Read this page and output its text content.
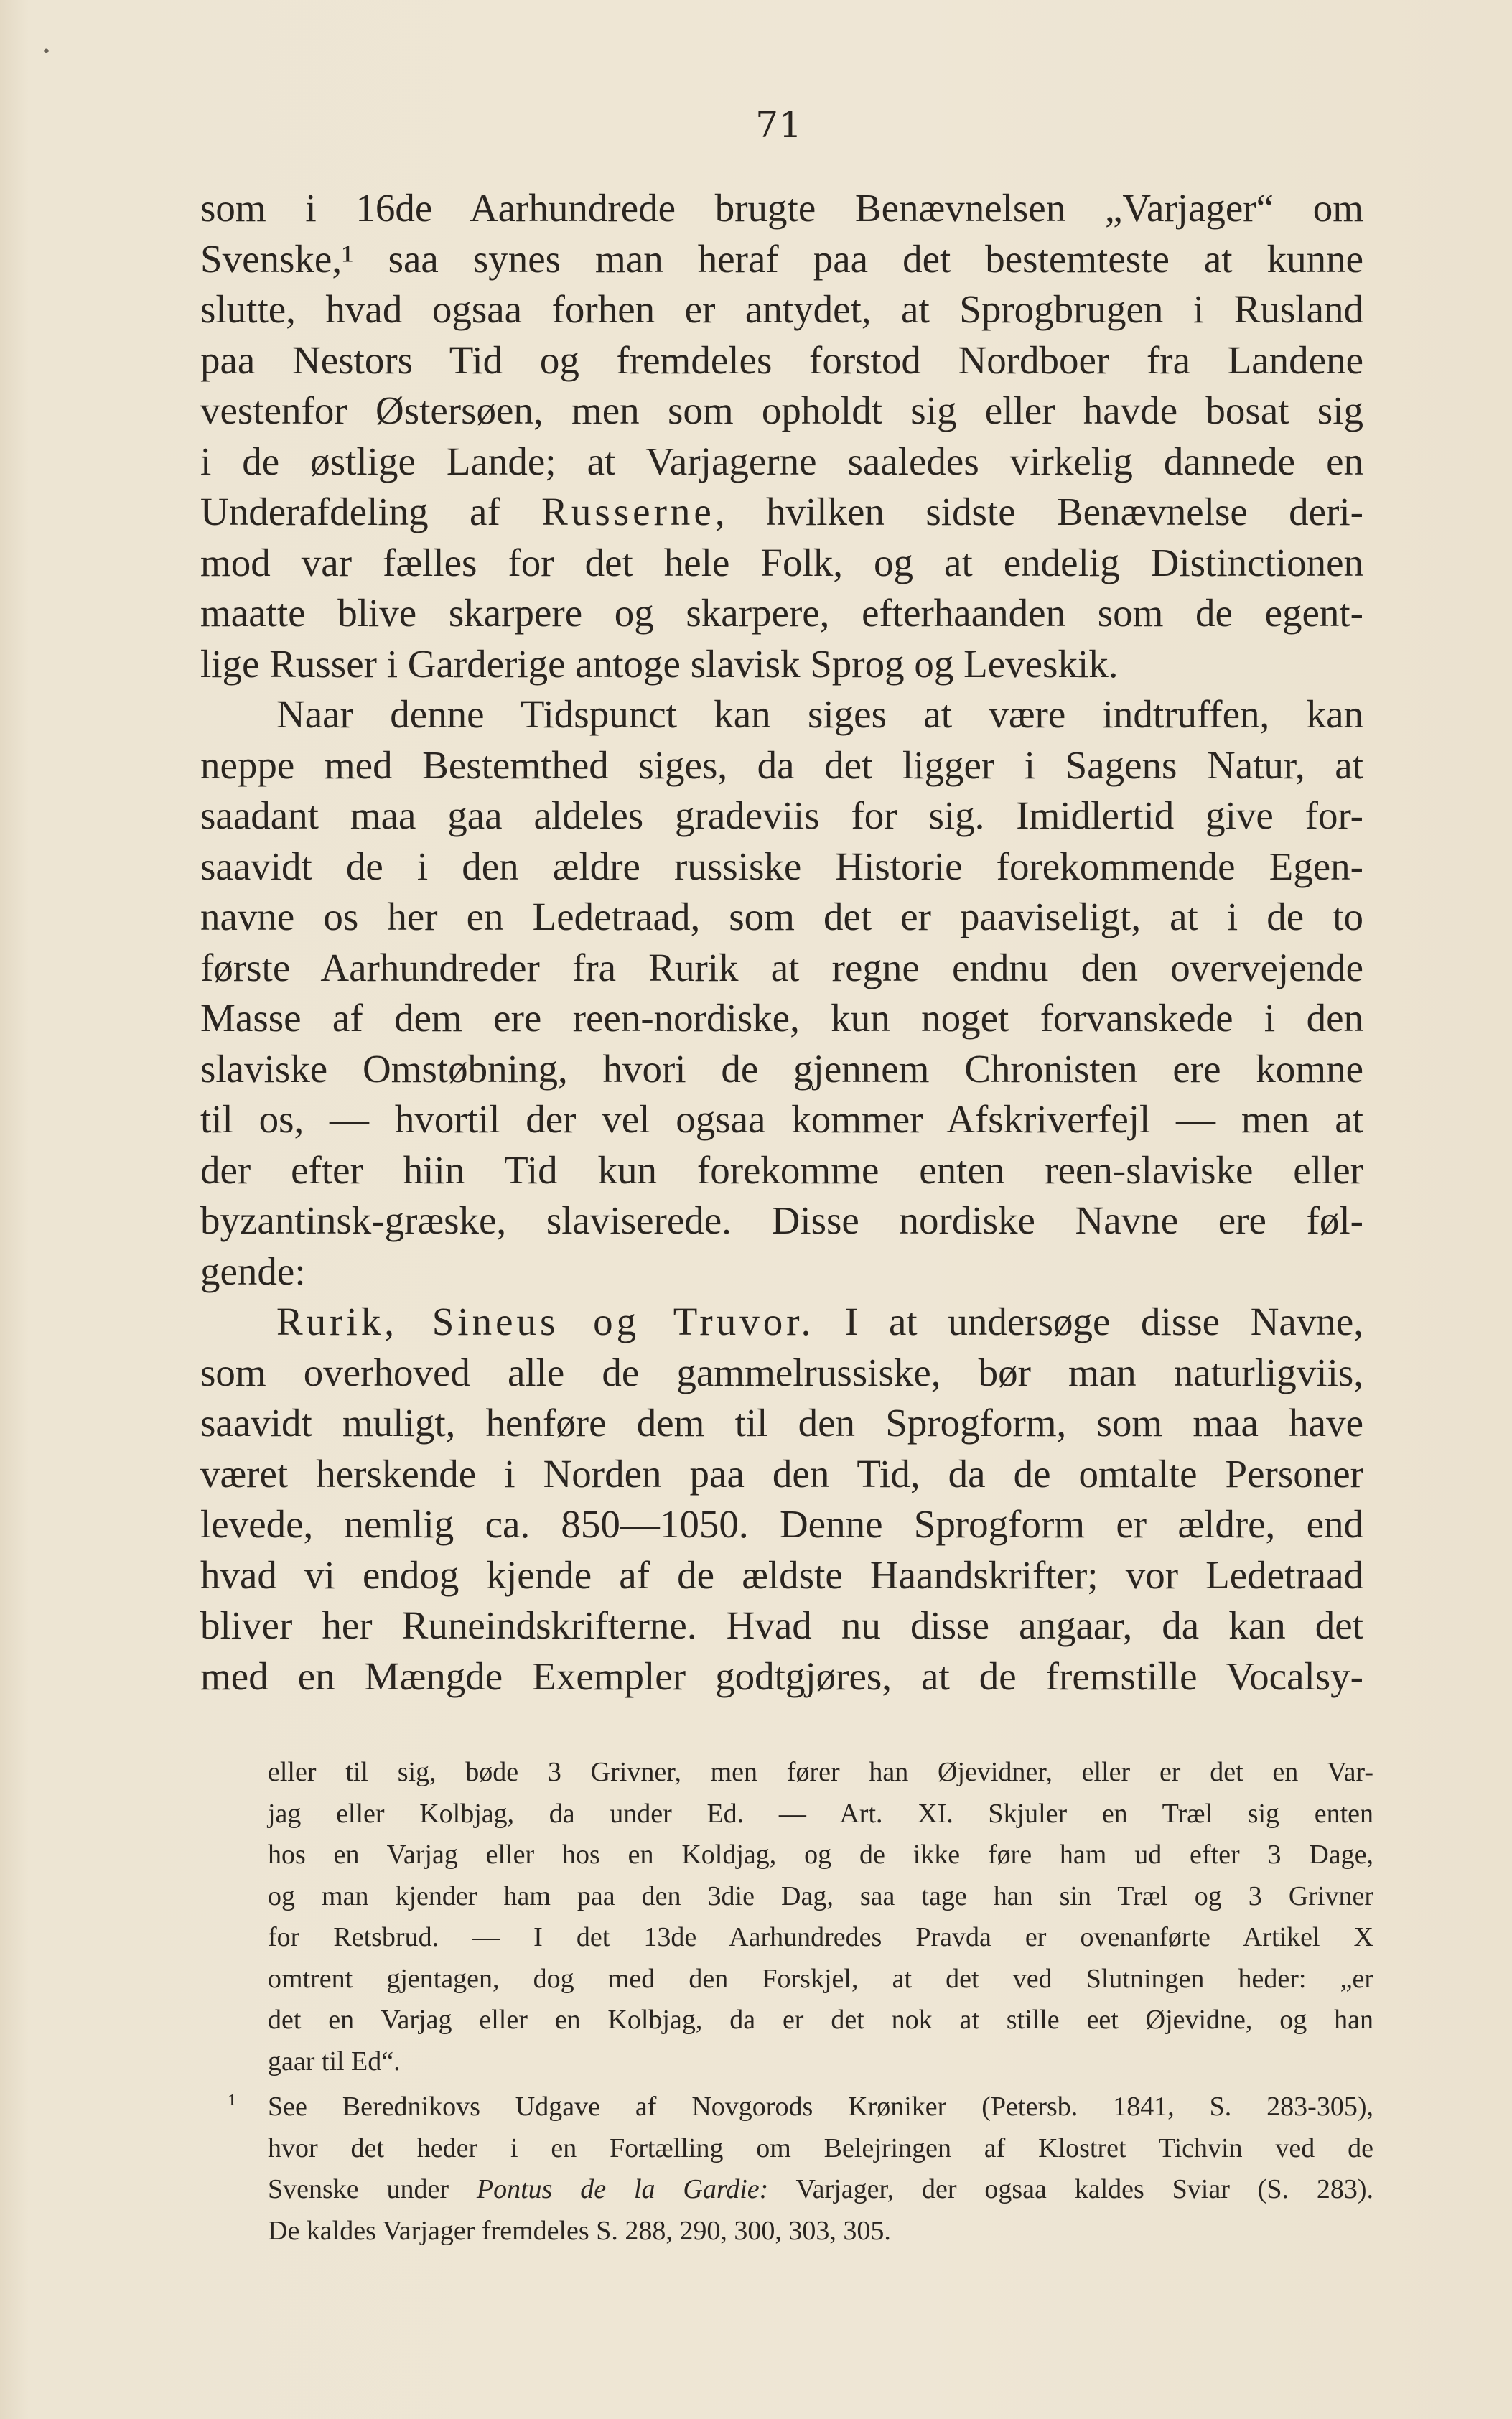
•
71
som i 16de Aarhundrede brugte Benævnelsen „Varjager“ om
Svenske,¹ saa synes man heraf paa det bestemteste at kunne
slutte, hvad ogsaa forhen er antydet, at Sprogbrugen i Rusland
paa Nestors Tid og fremdeles forstod Nordboer fra Landene
vestenfor Østersøen, men som opholdt sig eller havde bosat sig
i de østlige Lande; at Varjagerne saaledes virkelig dannede en
Underafdeling af Russerne, hvilken sidste Benævnelse deri-
mod var fælles for det hele Folk, og at endelig Distinctionen
maatte blive skarpere og skarpere, efterhaanden som de egent-
lige Russer i Garderige antoge slavisk Sprog og Leveskik.
Naar denne Tidspunct kan siges at være indtruffen, kan
neppe med Bestemthed siges, da det ligger i Sagens Natur, at
saadant maa gaa aldeles gradeviis for sig. Imidlertid give for-
saavidt de i den ældre russiske Historie forekommende Egen-
navne os her en Ledetraad, som det er paaviseligt, at i de to
første Aarhundreder fra Rurik at regne endnu den overvejende
Masse af dem ere reen-nordiske, kun noget forvanskede i den
slaviske Omstøbning, hvori de gjennem Chronisten ere komne
til os, — hvortil der vel ogsaa kommer Afskriverfejl — men at
der efter hiin Tid kun forekomme enten reen-slaviske eller
byzantinsk-græske, slaviserede. Disse nordiske Navne ere føl-
gende:
Rurik, Sineus og Truvor. I at undersøge disse Navne,
som overhoved alle de gammelrussiske, bør man naturligviis,
saavidt muligt, henføre dem til den Sprogform, som maa have
været herskende i Norden paa den Tid, da de omtalte Personer
levede, nemlig ca. 850—1050. Denne Sprogform er ældre, end
hvad vi endog kjende af de ældste Haandskrifter; vor Ledetraad
bliver her Runeindskrifterne. Hvad nu disse angaar, da kan det
med en Mængde Exempler godtgjøres, at de fremstille Vocalsy-
eller til sig, bøde 3 Grivner, men fører han Øjevidner, eller er det en Var-
jag eller Kolbjag, da under Ed. — Art. XI. Skjuler en Træl sig enten
hos en Varjag eller hos en Koldjag, og de ikke føre ham ud efter 3 Dage,
og man kjender ham paa den 3die Dag, saa tage han sin Træl og 3 Grivner
for Retsbrud. — I det 13de Aarhundredes Pravda er ovenanførte Artikel X
omtrent gjentagen, dog med den Forskjel, at det ved Slutningen heder: „er
det en Varjag eller en Kolbjag, da er det nok at stille eet Øjevidne, og han
gaar til Ed“.
¹ See Berednikovs Udgave af Novgorods Krøniker (Petersb. 1841, S. 283-305),
hvor det heder i en Fortælling om Belejringen af Klostret Tichvin ved de
Svenske under Pontus de la Gardie: Varjager, der ogsaa kaldes Sviar (S. 283).
De kaldes Varjager fremdeles S. 288, 290, 300, 303, 305.
